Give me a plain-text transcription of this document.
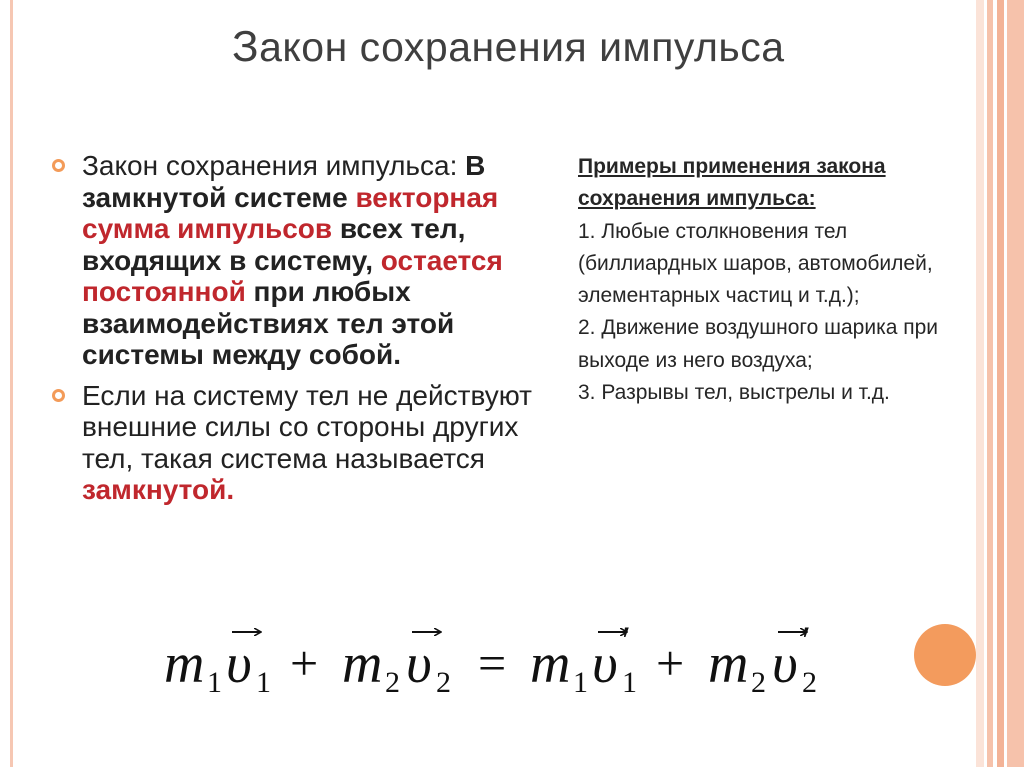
Закон сохранения импульса
Закон сохранения импульса: В замкнутой системе векторная сумма импульсов всех тел, входящих в систему, остается постоянной при любых взаимодействиях тел этой системы между собой.
Если на систему тел не действуют внешние силы со стороны других тел, такая система называется замкнутой.
Примеры применения закона сохранения импульса:
1. Любые столкновения тел (биллиардных шаров, автомобилей, элементарных частиц и т.д.);
2. Движение воздушного шарика при выходе из него воздуха;
3. Разрывы тел, выстрелы и т.д.
m 1 υ 1 + m 2 υ 2 = m 1 υ ′
1 + m 2 υ ′
2
